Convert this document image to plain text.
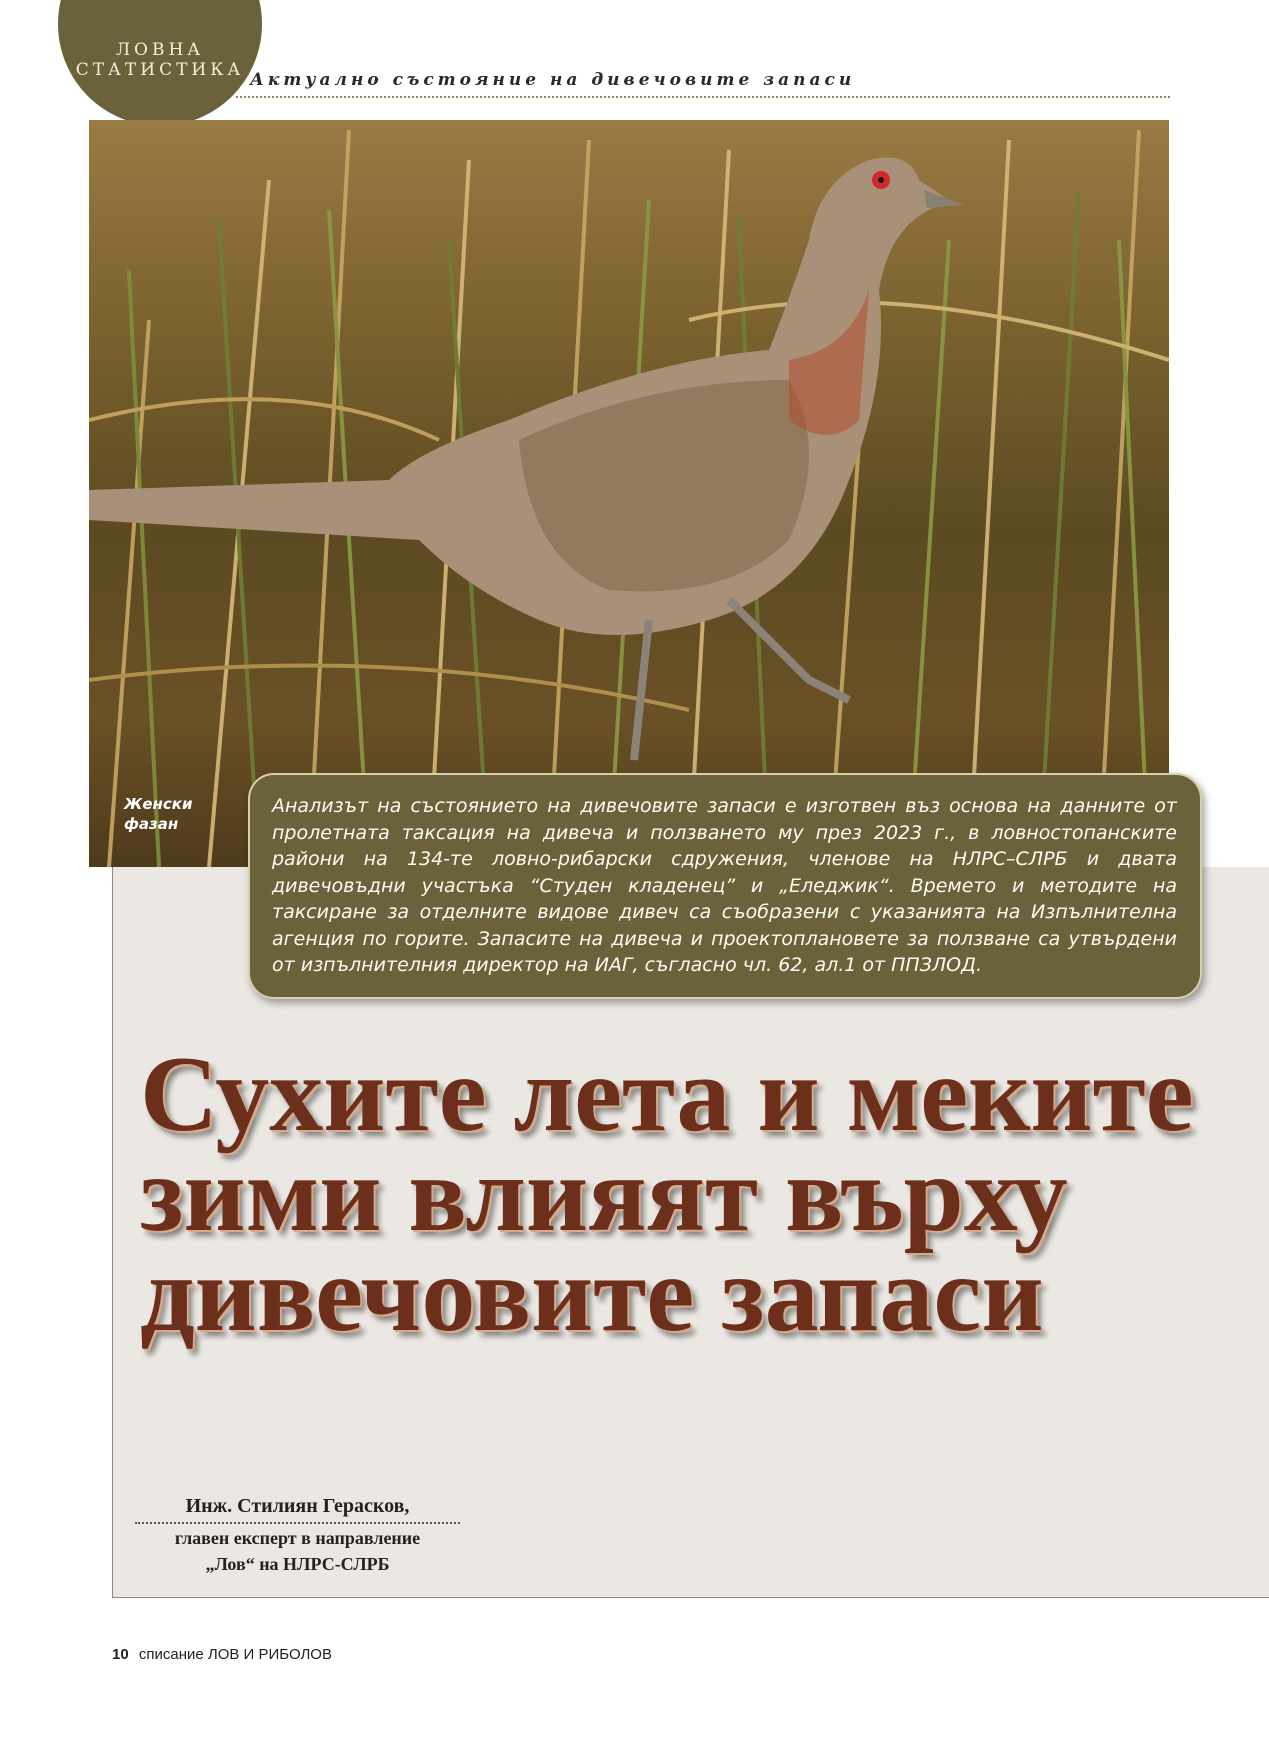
ЛОВНА
СТАТИСТИКА Актуално състояние на дивечовите запаси
Женски
фазан
Анализът на състоянието на дивечовите запаси е изготвен въз основа на данните от пролетната таксация на дивеча и ползването му през 2023 г., в ловностопанските райони на 134-те ловно-рибарски сдружения, членове на НЛРС–СЛРБ и двата дивечовъдни участъка “Студен кладенец” и „Еледжик“. Времето и методите на таксиране за отделните видове дивеч са съобразени с указанията на Изпълнителна агенция по горите. Запасите на дивеча и проектоплановете за ползване са утвърдени от изпълнителния директор на ИАГ, съгласно чл. 62, ал.1 от ППЗЛОД.
Сухите лета и меките
зими влияят върху
дивечовите запаси
Инж. Стилиян Герасков,
главен експерт в направление
„Лов“ на НЛРС-СЛРБ
10 списание ЛОВ И РИБОЛОВ
